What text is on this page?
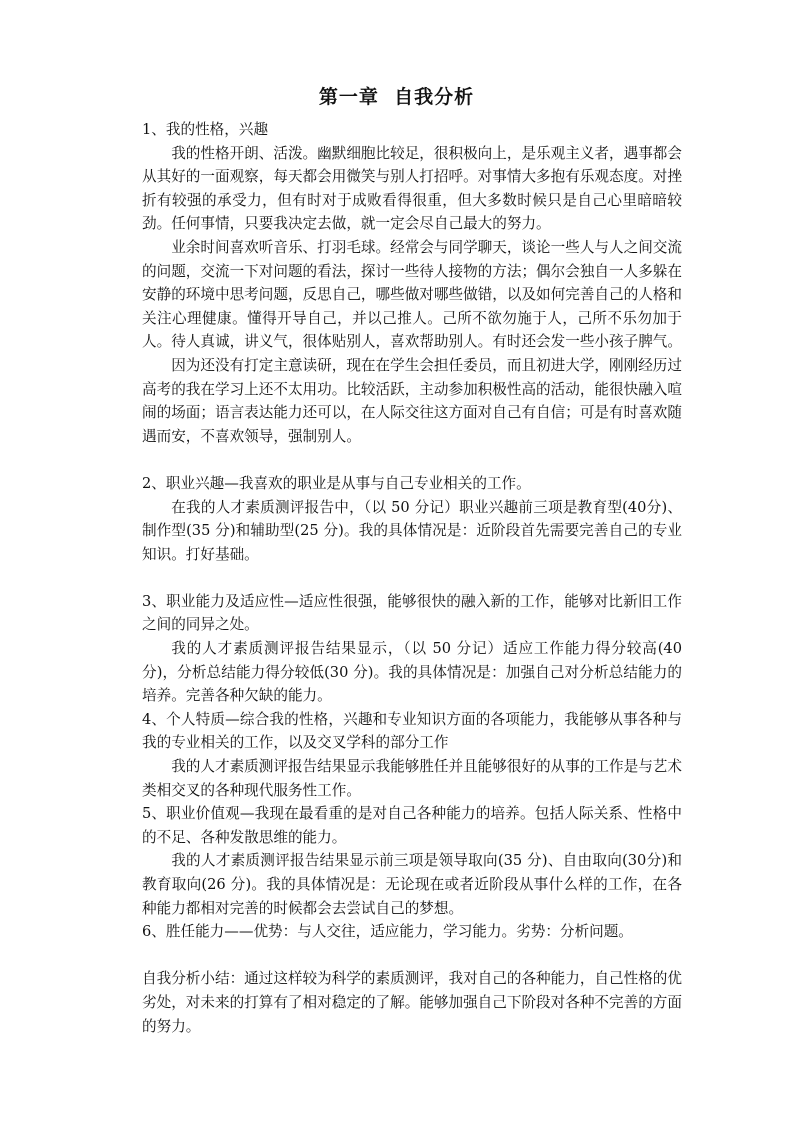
第一章  自我分析

1、我的性格，兴趣

我的性格开朗、活泼。幽默细胞比较足，很积极向上，是乐观主义者，遇事都会从其好的一面观察，每天都会用微笑与别人打招呼。对事情大多抱有乐观态度。对挫折有较强的承受力，但有时对于成败看得很重，但大多数时候只是自己心里暗暗较劲。任何事情，只要我决定去做，就一定会尽自己最大的努力。

业余时间喜欢听音乐、打羽毛球。经常会与同学聊天，谈论一些人与人之间交流的问题，交流一下对问题的看法，探讨一些待人接物的方法；偶尔会独自一人多躲在安静的环境中思考问题，反思自己，哪些做对哪些做错，以及如何完善自己的人格和关注心理健康。懂得开导自己，并以己推人。己所不欲勿施于人，己所不乐勿加于人。待人真诚，讲义气，很体贴别人，喜欢帮助别人。有时还会发一些小孩子脾气。

因为还没有打定主意读研，现在在学生会担任委员，而且初进大学，刚刚经历过高考的我在学习上还不太用功。比较活跃，主动参加积极性高的活动，能很快融入喧闹的场面；语言表达能力还可以，在人际交往这方面对自己有自信；可是有时喜欢随遇而安，不喜欢领导，强制别人。

2、职业兴趣—我喜欢的职业是从事与自己专业相关的工作。

在我的人才素质测评报告中，（以 50 分记）职业兴趣前三项是教育型(40分)、制作型(35 分)和辅助型(25 分)。我的具体情况是：近阶段首先需要完善自己的专业知识。打好基础。

3、职业能力及适应性—适应性很强，能够很快的融入新的工作，能够对比新旧工作之间的同异之处。

我的人才素质测评报告结果显示，（以 50 分记）适应工作能力得分较高(40 分)，分析总结能力得分较低(30 分)。我的具体情况是：加强自己对分析总结能力的培养。完善各种欠缺的能力。

4、个人特质—综合我的性格，兴趣和专业知识方面的各项能力，我能够从事各种与我的专业相关的工作，以及交叉学科的部分工作

我的人才素质测评报告结果显示我能够胜任并且能够很好的从事的工作是与艺术类相交叉的各种现代服务性工作。

5、职业价值观—我现在最看重的是对自己各种能力的培养。包括人际关系、性格中的不足、各种发散思维的能力。

我的人才素质测评报告结果显示前三项是领导取向(35 分)、自由取向(30分)和教育取向(26 分)。我的具体情况是：无论现在或者近阶段从事什么样的工作，在各种能力都相对完善的时候都会去尝试自己的梦想。

6、胜任能力——优势：与人交往，适应能力，学习能力。劣势：分析问题。

自我分析小结：通过这样较为科学的素质测评，我对自己的各种能力，自己性格的优劣处，对未来的打算有了相对稳定的了解。能够加强自己下阶段对各种不完善的方面的努力。
